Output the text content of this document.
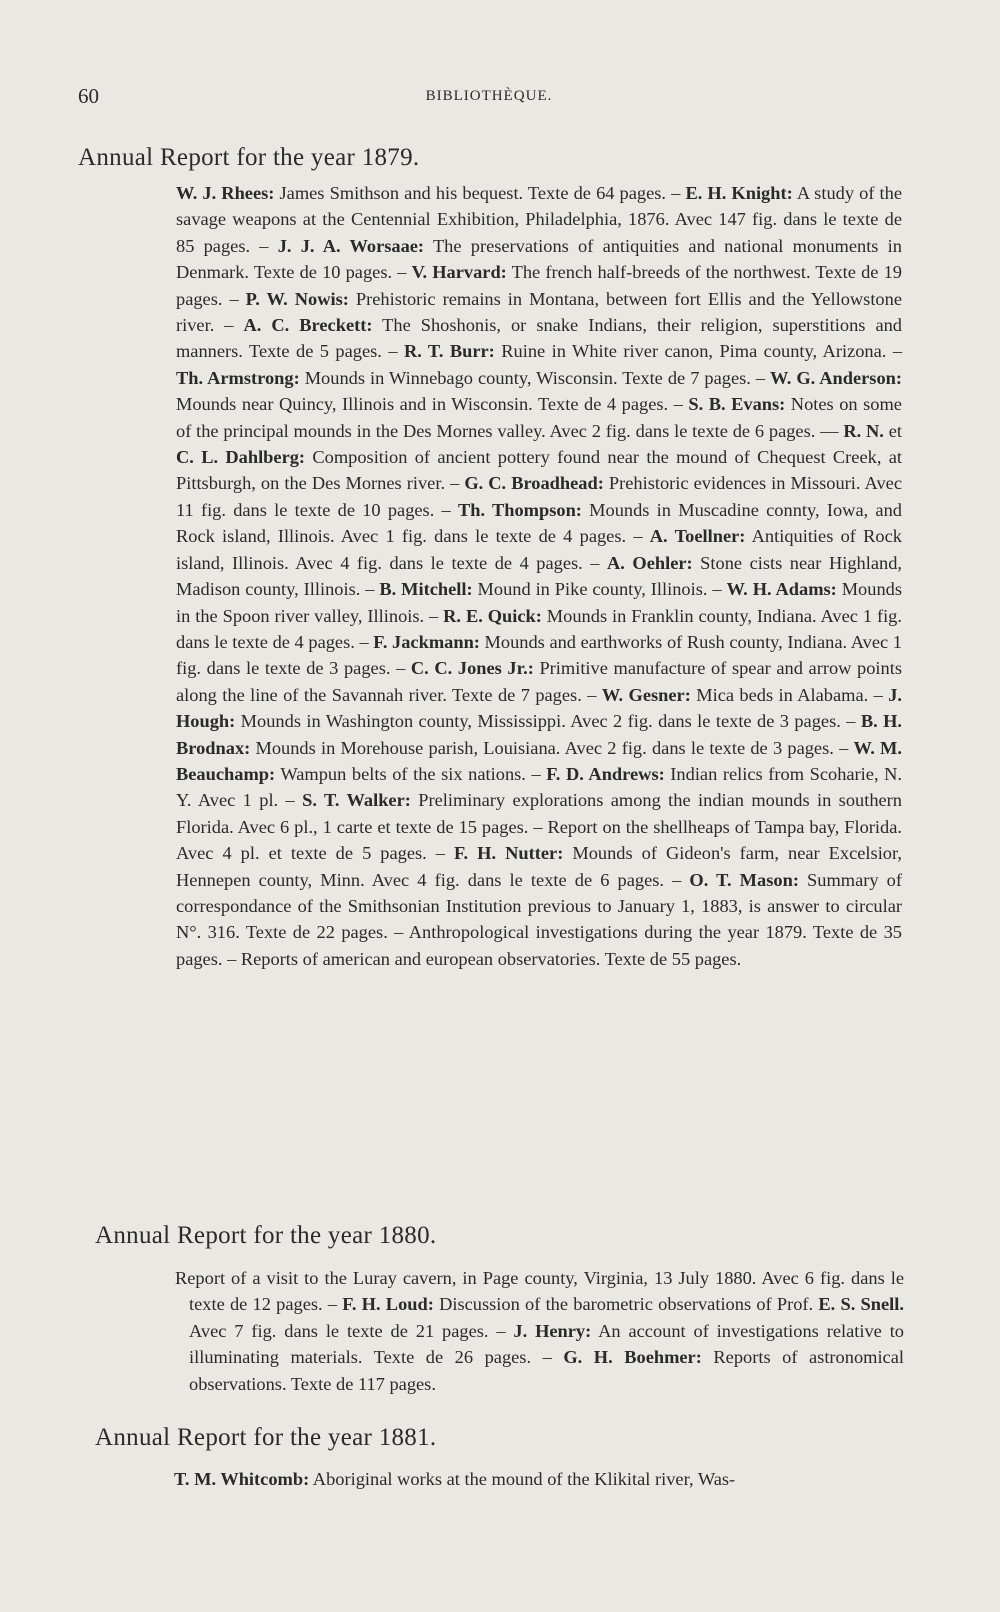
60	BIBLIOTHÈQUE.
Annual Report for the year 1879.

W. J. Rhees: James Smithson and his bequest. Texte de 64 pages. – E. H. Knight: A study of the savage weapons at the Centennial Exhibition, Philadelphia, 1876. Avec 147 fig. dans le texte de 85 pages. – J. J. A. Worsaae: The preservations of antiquities and national monuments in Denmark. Texte de 10 pages. – V. Harvard: The french half-breeds of the northwest. Texte de 19 pages. – P. W. Nowis: Prehistoric remains in Montana, between fort Ellis and the Yellowstone river. – A. C. Breckett: The Shoshonis, or snake Indians, their religion, superstitions and manners. Texte de 5 pages. – R. T. Burr: Ruine in White river canon, Pima county, Arizona. – Th. Armstrong: Mounds in Winnebago county, Wisconsin. Texte de 7 pages. – W. G. Anderson: Mounds near Quincy, Illinois and in Wisconsin. Texte de 4 pages. – S. B. Evans: Notes on some of the principal mounds in the Des Mornes valley. Avec 2 fig. dans le texte de 6 pages. — R. N. et C. L. Dahlberg: Composition of ancient pottery found near the mound of Chequest Creek, at Pittsburgh, on the Des Mornes river. – G. C. Broadhead: Prehistoric evidences in Missouri. Avec 11 fig. dans le texte de 10 pages. – Th. Thompson: Mounds in Muscadine connty, Iowa, and Rock island, Illinois. Avec 1 fig. dans le texte de 4 pages. – A. Toellner: Antiquities of Rock island, Illinois. Avec 4 fig. dans le texte de 4 pages. – A. Oehler: Stone cists near Highland, Madison county, Illinois. – B. Mitchell: Mound in Pike county, Illinois. – W. H. Adams: Mounds in the Spoon river valley, Illinois. – R. E. Quick: Mounds in Franklin county, Indiana. Avec 1 fig. dans le texte de 4 pages. – F. Jackmann: Mounds and earthworks of Rush county, Indiana. Avec 1 fig. dans le texte de 3 pages. – C. C. Jones Jr.: Primitive manufacture of spear and arrow points along the line of the Savannah river. Texte de 7 pages. – W. Gesner: Mica beds in Alabama. – J. Hough: Mounds in Washington county, Mississippi. Avec 2 fig. dans le texte de 3 pages. – B. H. Brodnax: Mounds in Morehouse parish, Louisiana. Avec 2 fig. dans le texte de 3 pages. – W. M. Beauchamp: Wampun belts of the six nations. – F. D. Andrews: Indian relics from Scoharie, N. Y. Avec 1 pl. – S. T. Walker: Preliminary explorations among the indian mounds in southern Florida. Avec 6 pl., 1 carte et texte de 15 pages. – Report on the shellheaps of Tampa bay, Florida. Avec 4 pl. et texte de 5 pages. – F. H. Nutter: Mounds of Gideon's farm, near Excelsior, Hennepen county, Minn. Avec 4 fig. dans le texte de 6 pages. – O. T. Mason: Summary of correspondance of the Smithsonian Institution previous to January 1, 1883, is answer to circular N°. 316. Texte de 22 pages. – Anthropological investigations during the year 1879. Texte de 35 pages. – Reports of american and european observatories. Texte de 55 pages.

Annual Report for the year 1880.

Report of a visit to the Luray cavern, in Page county, Virginia, 13 July 1880. Avec 6 fig. dans le texte de 12 pages. – F. H. Loud: Discussion of the barometric observations of Prof. E. S. Snell. Avec 7 fig. dans le texte de 21 pages. – J. Henry: An account of investigations relative to illuminating materials. Texte de 26 pages. – G. H. Boehmer: Reports of astronomical observations. Texte de 117 pages.

Annual Report for the year 1881.

T. M. Whitcomb: Aboriginal works at the mound of the Klikital river, Was-
